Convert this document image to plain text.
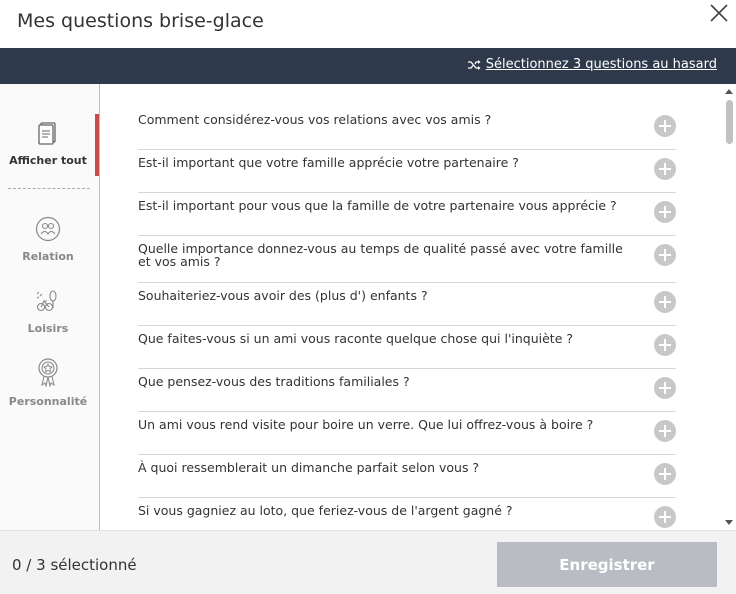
Mes questions brise-glace
Sélectionnez 3 questions au hasard
Afficher tout
Relation
Loisirs
Personnalité
Comment considérez-vous vos relations avec vos amis ?
Est-il important que votre famille apprécie votre partenaire ?
Est-il important pour vous que la famille de votre partenaire vous apprécie ?
Quelle importance donnez-vous au temps de qualité passé avec votre famille et vos amis ?
Souhaiteriez-vous avoir des (plus d') enfants ?
Que faites-vous si un ami vous raconte quelque chose qui l'inquiète ?
Que pensez-vous des traditions familiales ?
Un ami vous rend visite pour boire un verre. Que lui offrez-vous à boire ?
À quoi ressemblerait un dimanche parfait selon vous ?
Si vous gagniez au loto, que feriez-vous de l'argent gagné ?
0 / 3 sélectionné	Enregistrer
